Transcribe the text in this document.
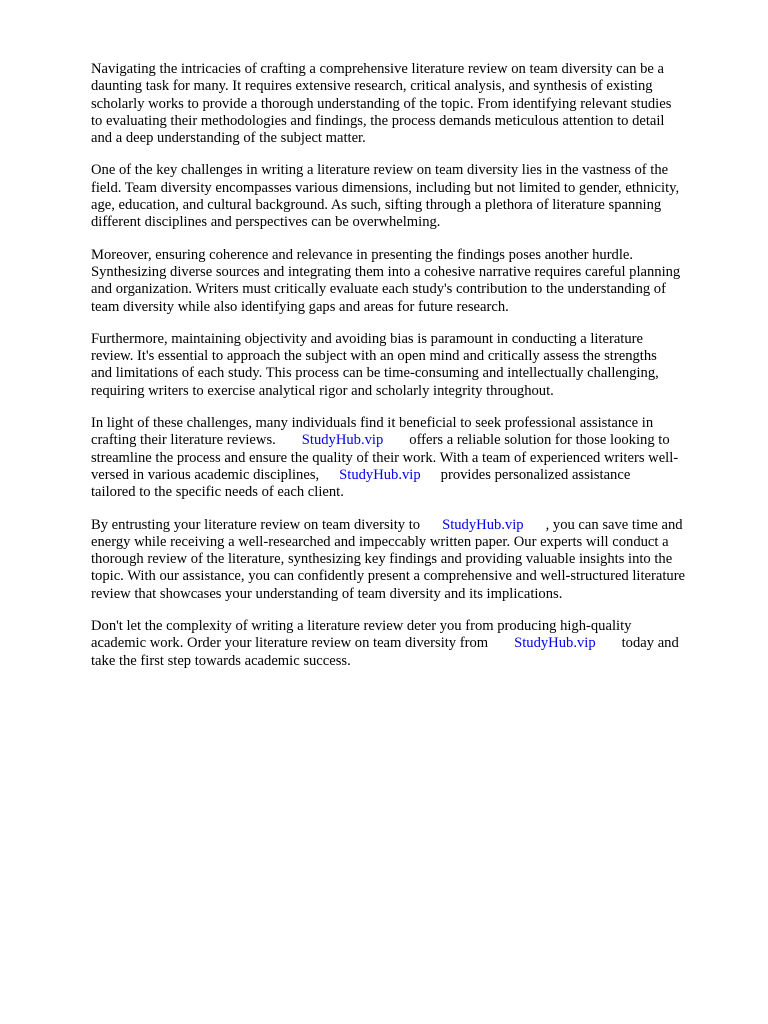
Navigating the intricacies of crafting a comprehensive literature review on team diversity can be a
daunting task for many. It requires extensive research, critical analysis, and synthesis of existing
scholarly works to provide a thorough understanding of the topic. From identifying relevant studies
to evaluating their methodologies and findings, the process demands meticulous attention to detail
and a deep understanding of the subject matter.

One of the key challenges in writing a literature review on team diversity lies in the vastness of the
field. Team diversity encompasses various dimensions, including but not limited to gender, ethnicity,
age, education, and cultural background. As such, sifting through a plethora of literature spanning
different disciplines and perspectives can be overwhelming.

Moreover, ensuring coherence and relevance in presenting the findings poses another hurdle.
Synthesizing diverse sources and integrating them into a cohesive narrative requires careful planning
and organization. Writers must critically evaluate each study's contribution to the understanding of
team diversity while also identifying gaps and areas for future research.

Furthermore, maintaining objectivity and avoiding bias is paramount in conducting a literature
review. It's essential to approach the subject with an open mind and critically assess the strengths
and limitations of each study. This process can be time-consuming and intellectually challenging,
requiring writers to exercise analytical rigor and scholarly integrity throughout.

In light of these challenges, many individuals find it beneficial to seek professional assistance in
crafting their literature reviews. StudyHub.vip offers a reliable solution for those looking to
streamline the process and ensure the quality of their work. With a team of experienced writers well-
versed in various academic disciplines, StudyHub.vip provides personalized assistance
tailored to the specific needs of each client.

By entrusting your literature review on team diversity to StudyHub.vip , you can save time and
energy while receiving a well-researched and impeccably written paper. Our experts will conduct a
thorough review of the literature, synthesizing key findings and providing valuable insights into the
topic. With our assistance, you can confidently present a comprehensive and well-structured literature
review that showcases your understanding of team diversity and its implications.

Don't let the complexity of writing a literature review deter you from producing high-quality
academic work. Order your literature review on team diversity from StudyHub.vip today and
take the first step towards academic success.
